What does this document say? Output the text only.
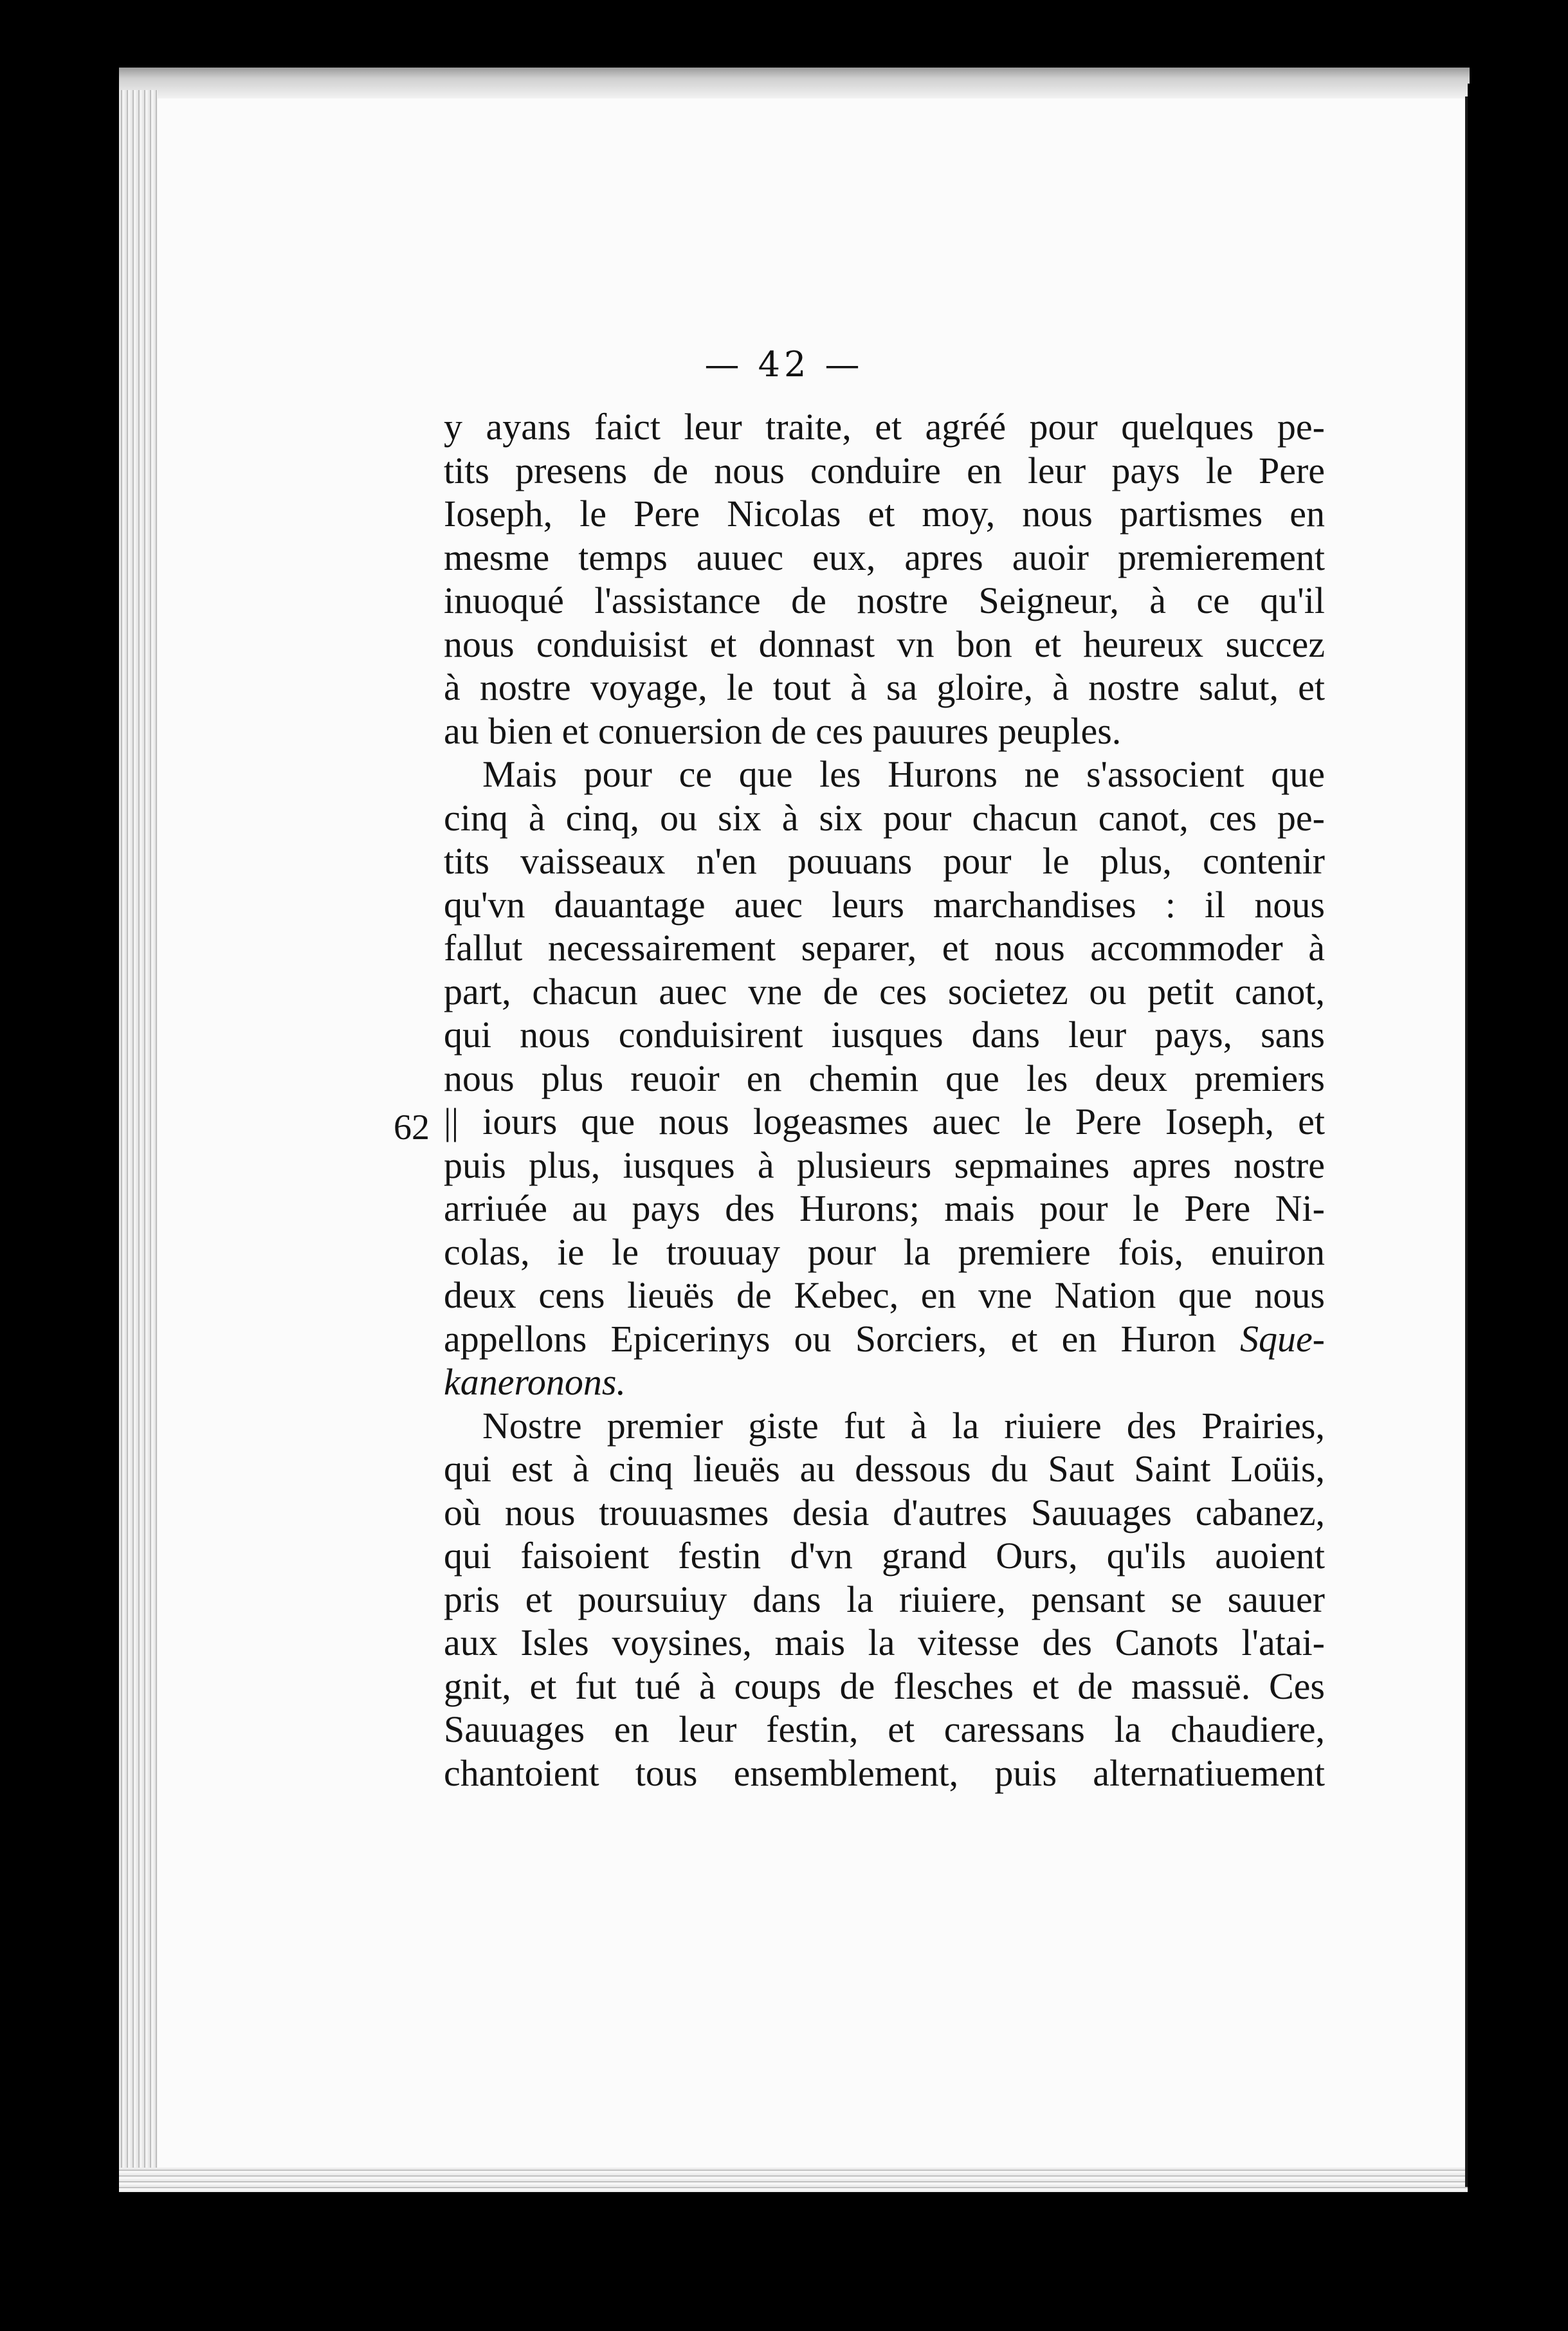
— 42 —
62
y ayans faict leur traite, et agréé pour quelques pe-
tits presens de nous conduire en leur pays le Pere
Ioseph, le Pere Nicolas et moy, nous partismes en
mesme temps auuec eux, apres auoir premierement
inuoqué l'assistance de nostre Seigneur, à ce qu'il
nous conduisist et donnast vn bon et heureux succez
à nostre voyage, le tout à sa gloire, à nostre salut, et
au bien et conuersion de ces pauures peuples.
Mais pour ce que les Hurons ne s'associent que
cinq à cinq, ou six à six pour chacun canot, ces pe-
tits vaisseaux n'en pouuans pour le plus, contenir
qu'vn dauantage auec leurs marchandises : il nous
fallut necessairement separer, et nous accommoder à
part, chacun auec vne de ces societez ou petit canot,
qui nous conduisirent iusques dans leur pays, sans
nous plus reuoir en chemin que les deux premiers
|| iours que nous logeasmes auec le Pere Ioseph, et
puis plus, iusques à plusieurs sepmaines apres nostre
arriuée au pays des Hurons; mais pour le Pere Ni-
colas, ie le trouuay pour la premiere fois, enuiron
deux cens lieuës de Kebec, en vne Nation que nous
appellons Epicerinys ou Sorciers, et en Huron Sque-
kaneronons.
Nostre premier giste fut à la riuiere des Prairies,
qui est à cinq lieuës au dessous du Saut Saint Loüis,
où nous trouuasmes desia d'autres Sauuages cabanez,
qui faisoient festin d'vn grand Ours, qu'ils auoient
pris et poursuiuy dans la riuiere, pensant se sauuer
aux Isles voysines, mais la vitesse des Canots l'atai-
gnit, et fut tué à coups de flesches et de massuë. Ces
Sauuages en leur festin, et caressans la chaudiere,
chantoient tous ensemblement, puis alternatiuement
